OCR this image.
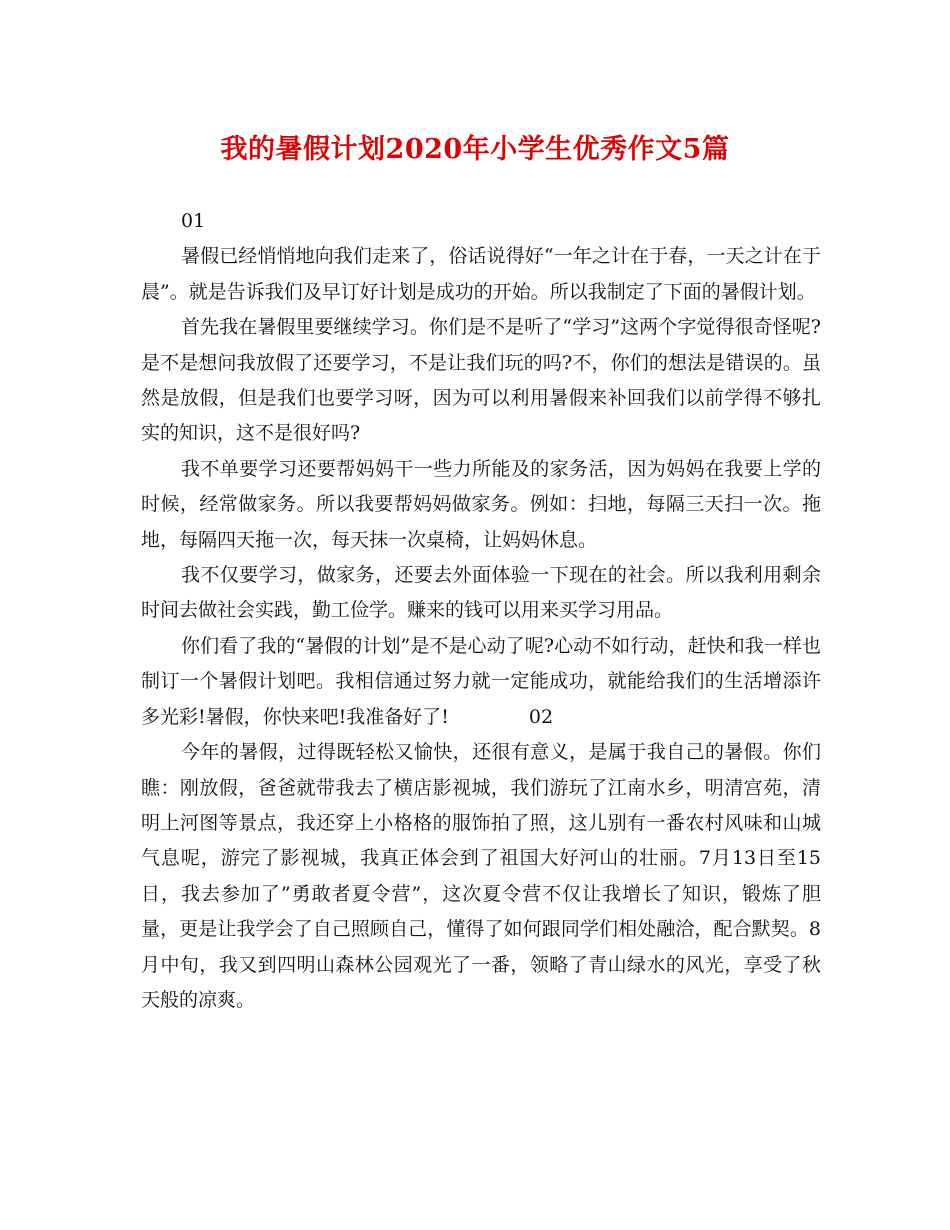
我的暑假计划2020年小学生优秀作文5篇

01

暑假已经悄悄地向我们走来了，俗话说得好“一年之计在于春，一天之计在于晨”。就是告诉我们及早订好计划是成功的开始。所以我制定了下面的暑假计划。

首先我在暑假里要继续学习。你们是不是听了“学习”这两个字觉得很奇怪呢?是不是想问我放假了还要学习，不是让我们玩的吗?不，你们的想法是错误的。虽然是放假，但是我们也要学习呀，因为可以利用暑假来补回我们以前学得不够扎实的知识，这不是很好吗?

我不单要学习还要帮妈妈干一些力所能及的家务活，因为妈妈在我要上学的时候，经常做家务。所以我要帮妈妈做家务。例如：扫地，每隔三天扫一次。拖地，每隔四天拖一次，每天抹一次桌椅，让妈妈休息。

我不仅要学习，做家务，还要去外面体验一下现在的社会。所以我利用剩余时间去做社会实践，勤工俭学。赚来的钱可以用来买学习用品。

你们看了我的“暑假的计划”是不是心动了呢?心动不如行动，赶快和我一样也制订一个暑假计划吧。我相信通过努力就一定能成功，就能给我们的生活增添许多光彩!暑假，你快来吧!我准备好了!	02

今年的暑假，过得既轻松又愉快，还很有意义，是属于我自己的暑假。你们瞧：刚放假，爸爸就带我去了横店影视城，我们游玩了江南水乡，明清宫苑，清明上河图等景点，我还穿上小格格的服饰拍了照，这儿别有一番农村风味和山城气息呢，游完了影视城，我真正体会到了祖国大好河山的壮丽。7月13日至15日，我去参加了”勇敢者夏令营”，这次夏令营不仅让我增长了知识，锻炼了胆量，更是让我学会了自己照顾自己，懂得了如何跟同学们相处融洽，配合默契。8月中旬，我又到四明山森林公园观光了一番，领略了青山绿水的风光，享受了秋天般的凉爽。
